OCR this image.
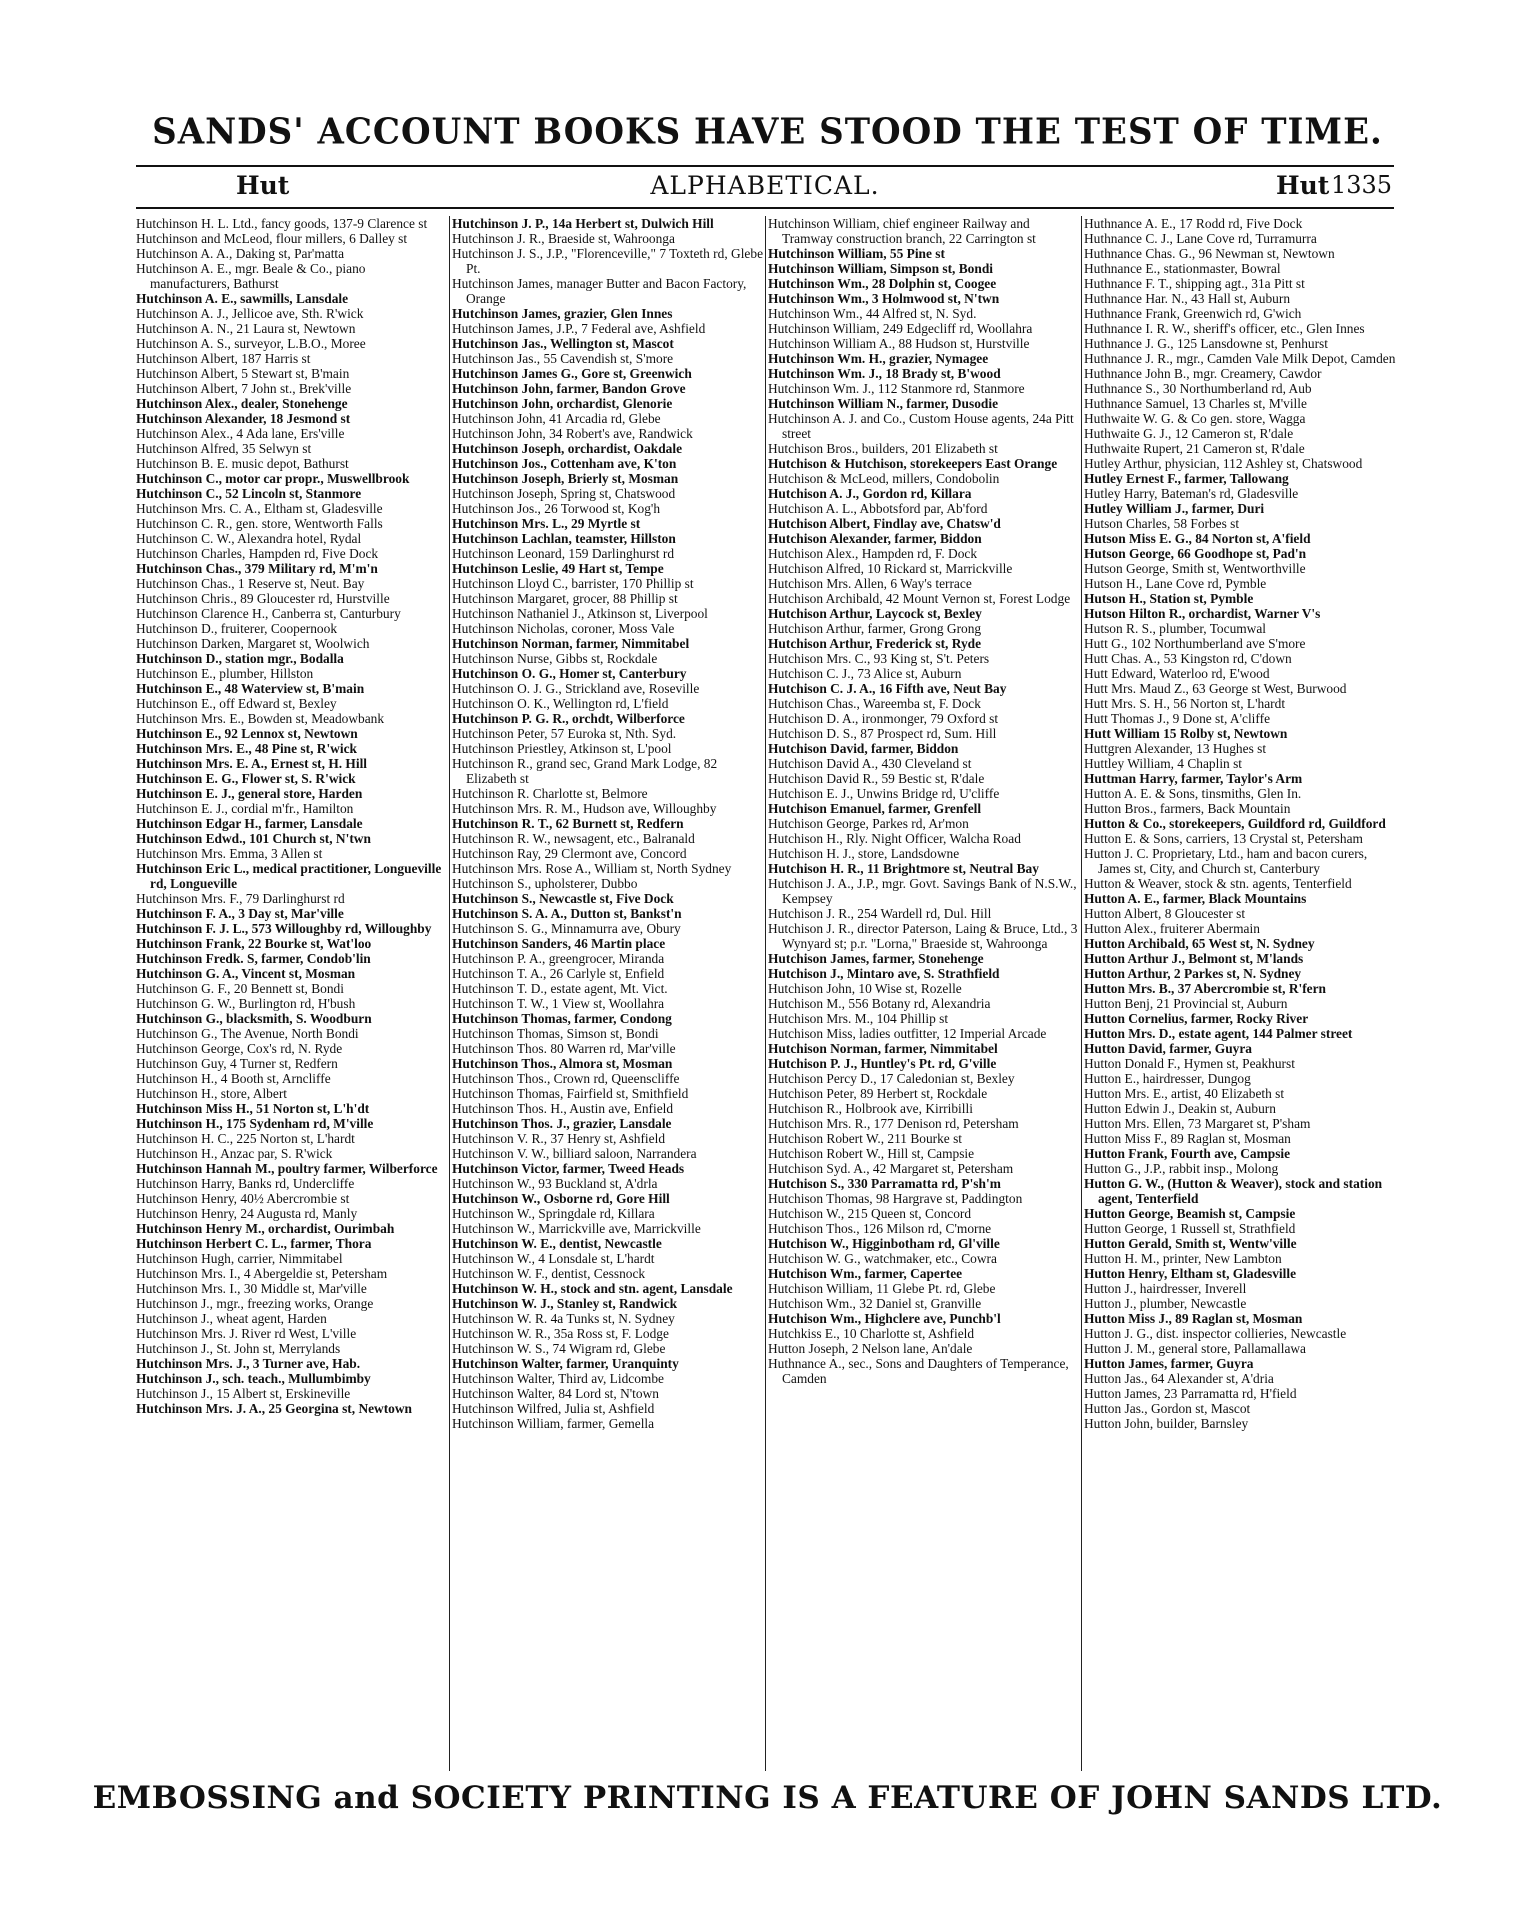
SANDS' ACCOUNT BOOKS HAVE STOOD THE TEST OF TIME.
Hut	ALPHABETICAL.	Hut 1335
Hutchinson H. L. Ltd., fancy goods, 137-9 Clarence st
Hutchinson and McLeod, flour millers, 6 Dalley st
Hutchinson A. A., Daking st, Par'matta
Hutchinson A. E., mgr. Beale & Co., piano manufacturers, Bathurst
Hutchinson A. E., sawmills, Lansdale
Hutchinson A. J., Jellicoe ave, Sth. R'wick
Hutchinson A. N., 21 Laura st, Newtown
Hutchinson A. S., surveyor, L.B.O., Moree
Hutchinson Albert, 187 Harris st
Hutchinson Albert, 5 Stewart st, B'main
Hutchinson Albert, 7 John st., Brek'ville
Hutchinson Alex., dealer, Stonehenge
Hutchinson Alexander, 18 Jesmond st
Hutchinson Alex., 4 Ada lane, Ers'ville
Hutchinson Alfred, 35 Selwyn st
Hutchinson B. E. music depot, Bathurst
Hutchinson C., motor car propr., Muswellbrook
Hutchinson C., 52 Lincoln st, Stanmore
Hutchinson Mrs. C. A., Eltham st, Gladesville
Hutchinson C. R., gen. store, Wentworth Falls
Hutchinson C. W., Alexandra hotel, Rydal
Hutchinson Charles, Hampden rd, Five Dock
Hutchinson Chas., 379 Military rd, M'm'n
Hutchinson Chas., 1 Reserve st, Neut. Bay
Hutchinson Chris., 89 Gloucester rd, Hurstville
Hutchinson Clarence H., Canberra st, Canturbury
Hutchinson D., fruiterer, Coopernook
Hutchinson Darken, Margaret st, Woolwich
Hutchinson D., station mgr., Bodalla
Hutchinson E., plumber, Hillston
Hutchinson E., 48 Waterview st, B'main
Hutchinson E., off Edward st, Bexley
Hutchinson Mrs. E., Bowden st, Meadowbank
Hutchinson E., 92 Lennox st, Newtown
Hutchinson Mrs. E., 48 Pine st, R'wick
Hutchinson Mrs. E. A., Ernest st, H. Hill
Hutchinson E. G., Flower st, S. R'wick
Hutchinson E. J., general store, Harden
Hutchinson E. J., cordial m'fr., Hamilton
Hutchinson Edgar H., farmer, Lansdale
Hutchinson Edwd., 101 Church st, N'twn
Hutchinson Mrs. Emma, 3 Allen st
Hutchinson Eric L., medical practitioner, Longueville rd, Longueville
Hutchinson Mrs. F., 79 Darlinghurst rd
Hutchinson F. A., 3 Day st, Mar'ville
Hutchinson F. J. L., 573 Willoughby rd, Willoughby
Hutchinson Frank, 22 Bourke st, Wat'loo
Hutchinson Fredk. S, farmer, Condob'lin
Hutchinson G. A., Vincent st, Mosman
Hutchinson G. F., 20 Bennett st, Bondi
Hutchinson G. W., Burlington rd, H'bush
Hutchinson G., blacksmith, S. Woodburn
Hutchinson G., The Avenue, North Bondi
Hutchinson George, Cox's rd, N. Ryde
Hutchinson Guy, 4 Turner st, Redfern
Hutchinson H., 4 Booth st, Arncliffe
Hutchinson H., store, Albert
Hutchinson Miss H., 51 Norton st, L'h'dt
Hutchinson H., 175 Sydenham rd, M'ville
Hutchinson H. C., 225 Norton st, L'hardt
Hutchinson H., Anzac par, S. R'wick
Hutchinson Hannah M., poultry farmer, Wilberforce
Hutchinson Harry, Banks rd, Undercliffe
Hutchinson Henry, 40½ Abercrombie st
Hutchinson Henry, 24 Augusta rd, Manly
Hutchinson Henry M., orchardist, Ourimbah
Hutchinson Herbert C. L., farmer, Thora
Hutchinson Hugh, carrier, Nimmitabel
Hutchinson Mrs. I., 4 Abergeldie st, Petersham
Hutchinson Mrs. I., 30 Middle st, Mar'ville
Hutchinson J., mgr., freezing works, Orange
Hutchinson J., wheat agent, Harden
Hutchinson Mrs. J. River rd West, L'ville
Hutchinson J., St. John st, Merrylands
Hutchinson Mrs. J., 3 Turner ave, Hab.
Hutchinson J., sch. teach., Mullumbimby
Hutchinson J., 15 Albert st, Erskineville
Hutchinson Mrs. J. A., 25 Georgina st, Newtown
Hutchinson J. P., 14a Herbert st, Dulwich Hill
Hutchinson J. R., Braeside st, Wahroonga
Hutchinson J. S., J.P., "Florenceville," 7 Toxteth rd, Glebe Pt.
Hutchinson James, manager Butter and Bacon Factory, Orange
Hutchinson James, grazier, Glen Innes
Hutchinson James, J.P., 7 Federal ave, Ashfield
Hutchinson Jas., Wellington st, Mascot
Hutchinson Jas., 55 Cavendish st, S'more
Hutchinson James G., Gore st, Greenwich
Hutchinson John, farmer, Bandon Grove
Hutchinson John, orchardist, Glenorie
Hutchinson John, 41 Arcadia rd, Glebe
Hutchinson John, 34 Robert's ave, Randwick
Hutchinson Joseph, orchardist, Oakdale
Hutchinson Jos., Cottenham ave, K'ton
Hutchinson Joseph, Brierly st, Mosman
Hutchinson Joseph, Spring st, Chatswood
Hutchinson Jos., 26 Torwood st, Kog'h
Hutchinson Mrs. L., 29 Myrtle st
Hutchinson Lachlan, teamster, Hillston
Hutchinson Leonard, 159 Darlinghurst rd
Hutchinson Leslie, 49 Hart st, Tempe
Hutchinson Lloyd C., barrister, 170 Phillip st
Hutchinson Margaret, grocer, 88 Phillip st
Hutchinson Nathaniel J., Atkinson st, Liverpool
Hutchinson Nicholas, coroner, Moss Vale
Hutchinson Norman, farmer, Nimmitabel
Hutchinson Nurse, Gibbs st, Rockdale
Hutchinson O. G., Homer st, Canterbury
Hutchinson O. J. G., Strickland ave, Roseville
Hutchinson O. K., Wellington rd, L'field
Hutchinson P. G. R., orchdt, Wilberforce
Hutchinson Peter, 57 Euroka st, Nth. Syd.
Hutchinson Priestley, Atkinson st, L'pool
Hutchinson R., grand sec, Grand Mark Lodge, 82 Elizabeth st
Hutchinson R. Charlotte st, Belmore
Hutchinson Mrs. R. M., Hudson ave, Willoughby
Hutchinson R. T., 62 Burnett st, Redfern
Hutchinson R. W., newsagent, etc., Balranald
Hutchinson Ray, 29 Clermont ave, Concord
Hutchinson Mrs. Rose A., William st, North Sydney
Hutchinson S., upholsterer, Dubbo
Hutchinson S., Newcastle st, Five Dock
Hutchinson S. A. A., Dutton st, Bankst'n
Hutchinson S. G., Minnamurra ave, Obury
Hutchinson Sanders, 46 Martin place
Hutchinson P. A., greengrocer, Miranda
Hutchinson T. A., 26 Carlyle st, Enfield
Hutchinson T. D., estate agent, Mt. Vict.
Hutchinson T. W., 1 View st, Woollahra
Hutchinson Thomas, farmer, Condong
Hutchinson Thomas, Simson st, Bondi
Hutchinson Thos. 80 Warren rd, Mar'ville
Hutchinson Thos., Almora st, Mosman
Hutchinson Thos., Crown rd, Queenscliffe
Hutchinson Thomas, Fairfield st, Smithfield
Hutchinson Thos. H., Austin ave, Enfield
Hutchinson Thos. J., grazier, Lansdale
Hutchinson V. R., 37 Henry st, Ashfield
Hutchinson V. W., billiard saloon, Narrandera
Hutchinson Victor, farmer, Tweed Heads
Hutchinson W., 93 Buckland st, A'drla
Hutchinson W., Osborne rd, Gore Hill
Hutchinson W., Springdale rd, Killara
Hutchinson W., Marrickville ave, Marrickville
Hutchinson W. E., dentist, Newcastle
Hutchinson W., 4 Lonsdale st, L'hardt
Hutchinson W. F., dentist, Cessnock
Hutchinson W. H., stock and stn. agent, Lansdale
Hutchinson W. J., Stanley st, Randwick
Hutchinson W. R. 4a Tunks st, N. Sydney
Hutchinson W. R., 35a Ross st, F. Lodge
Hutchinson W. S., 74 Wigram rd, Glebe
Hutchinson Walter, farmer, Uranquinty
Hutchinson Walter, Third av, Lidcombe
Hutchinson Walter, 84 Lord st, N'town
Hutchinson Wilfred, Julia st, Ashfield
Hutchinson William, farmer, Gemella
Hutchinson William, chief engineer Railway and Tramway construction branch, 22 Carrington st
Hutchinson William, 55 Pine st
Hutchinson William, Simpson st, Bondi
Hutchinson Wm., 28 Dolphin st, Coogee
Hutchinson Wm., 3 Holmwood st, N'twn
Hutchinson Wm., 44 Alfred st, N. Syd.
Hutchinson William, 249 Edgecliff rd, Woollahra
Hutchinson William A., 88 Hudson st, Hurstville
Hutchinson Wm. H., grazier, Nymagee
Hutchinson Wm. J., 18 Brady st, B'wood
Hutchinson Wm. J., 112 Stanmore rd, Stanmore
Hutchinson William N., farmer, Dusodie
Hutchinson A. J. and Co., Custom House agents, 24a Pitt street
Hutchison Bros., builders, 201 Elizabeth st
Hutchison & Hutchison, storekeepers East Orange
Hutchison & McLeod, millers, Condobolin
Hutchison A. J., Gordon rd, Killara
Hutchison A. L., Abbotsford par, Ab'ford
Hutchison Albert, Findlay ave, Chatsw'd
Hutchison Alexander, farmer, Biddon
Hutchison Alex., Hampden rd, F. Dock
Hutchison Alfred, 10 Rickard st, Marrickville
Hutchison Mrs. Allen, 6 Way's terrace
Hutchison Archibald, 42 Mount Vernon st, Forest Lodge
Hutchison Arthur, Laycock st, Bexley
Hutchison Arthur, farmer, Grong Grong
Hutchison Arthur, Frederick st, Ryde
Hutchison Mrs. C., 93 King st, S't. Peters
Hutchison C. J., 73 Alice st, Auburn
Hutchison C. J. A., 16 Fifth ave, Neut Bay
Hutchison Chas., Wareemba st, F. Dock
Hutchison D. A., ironmonger, 79 Oxford st
Hutchison D. S., 87 Prospect rd, Sum. Hill
Hutchison David, farmer, Biddon
Hutchison David A., 430 Cleveland st
Hutchison David R., 59 Bestic st, R'dale
Hutchison E. J., Unwins Bridge rd, U'cliffe
Hutchison Emanuel, farmer, Grenfell
Hutchison George, Parkes rd, Ar'mon
Hutchison H., Rly. Night Officer, Walcha Road
Hutchison H. J., store, Landsdowne
Hutchison H. R., 11 Brightmore st, Neutral Bay
Hutchison J. A., J.P., mgr. Govt. Savings Bank of N.S.W., Kempsey
Hutchison J. R., 254 Wardell rd, Dul. Hill
Hutchison J. R., director Paterson, Laing & Bruce, Ltd., 3 Wynyard st; p.r. "Lorna," Braeside st, Wahroonga
Hutchison James, farmer, Stonehenge
Hutchison J., Mintaro ave, S. Strathfield
Hutchison John, 10 Wise st, Rozelle
Hutchison M., 556 Botany rd, Alexandria
Hutchison Mrs. M., 104 Phillip st
Hutchison Miss, ladies outfitter, 12 Imperial Arcade
Hutchison Norman, farmer, Nimmitabel
Hutchison P. J., Huntley's Pt. rd, G'ville
Hutchison Percy D., 17 Caledonian st, Bexley
Hutchison Peter, 89 Herbert st, Rockdale
Hutchison R., Holbrook ave, Kirribilli
Hutchison Mrs. R., 177 Denison rd, Petersham
Hutchison Robert W., 211 Bourke st
Hutchison Robert W., Hill st, Campsie
Hutchison Syd. A., 42 Margaret st, Petersham
Hutchison S., 330 Parramatta rd, P'sh'm
Hutchison Thomas, 98 Hargrave st, Paddington
Hutchison W., 215 Queen st, Concord
Hutchison Thos., 126 Milson rd, C'morne
Hutchison W., Higginbotham rd, Gl'ville
Hutchison W. G., watchmaker, etc., Cowra
Hutchison Wm., farmer, Capertee
Hutchison William, 11 Glebe Pt. rd, Glebe
Hutchison Wm., 32 Daniel st, Granville
Hutchison Wm., Highclere ave, Punchb'l
Hutchkiss E., 10 Charlotte st, Ashfield
Hutton Joseph, 2 Nelson lane, An'dale
Huthnance A., sec., Sons and Daughters of Temperance, Camden
Huthnance A. E., 17 Rodd rd, Five Dock
Huthnance C. J., Lane Cove rd, Turramurra
Huthnance Chas. G., 96 Newman st, Newtown
Huthnance E., stationmaster, Bowral
Huthnance F. T., shipping agt., 31a Pitt st
Huthnance Har. N., 43 Hall st, Auburn
Huthnance Frank, Greenwich rd, G'wich
Huthnance I. R. W., sheriff's officer, etc., Glen Innes
Huthnance J. G., 125 Lansdowne st, Penhurst
Huthnance J. R., mgr., Camden Vale Milk Depot, Camden
Huthnance John B., mgr. Creamery, Cawdor
Huthnance S., 30 Northumberland rd, Aub
Huthnance Samuel, 13 Charles st, M'ville
Huthwaite W. G. & Co gen. store, Wagga
Huthwaite G. J., 12 Cameron st, R'dale
Huthwaite Rupert, 21 Cameron st, R'dale
Hutley Arthur, physician, 112 Ashley st, Chatswood
Hutley Ernest F., farmer, Tallowang
Hutley Harry, Bateman's rd, Gladesville
Hutley William J., farmer, Duri
Hutson Charles, 58 Forbes st
Hutson Miss E. G., 84 Norton st, A'field
Hutson George, 66 Goodhope st, Pad'n
Hutson George, Smith st, Wentworthville
Hutson H., Lane Cove rd, Pymble
Hutson H., Station st, Pymble
Hutson Hilton R., orchardist, Warner V's
Hutson R. S., plumber, Tocumwal
Hutt G., 102 Northumberland ave S'more
Hutt Chas. A., 53 Kingston rd, C'down
Hutt Edward, Waterloo rd, E'wood
Hutt Mrs. Maud Z., 63 George st West, Burwood
Hutt Mrs. S. H., 56 Norton st, L'hardt
Hutt Thomas J., 9 Done st, A'cliffe
Hutt William 15 Rolby st, Newtown
Huttgren Alexander, 13 Hughes st
Huttley William, 4 Chaplin st
Huttman Harry, farmer, Taylor's Arm
Hutton A. E. & Sons, tinsmiths, Glen In.
Hutton Bros., farmers, Back Mountain
Hutton & Co., storekeepers, Guildford rd, Guildford
Hutton E. & Sons, carriers, 13 Crystal st, Petersham
Hutton J. C. Proprietary, Ltd., ham and bacon curers, James st, City, and Church st, Canterbury
Hutton & Weaver, stock & stn. agents, Tenterfield
Hutton A. E., farmer, Black Mountains
Hutton Albert, 8 Gloucester st
Hutton Alex., fruiterer Abermain
Hutton Archibald, 65 West st, N. Sydney
Hutton Arthur J., Belmont st, M'lands
Hutton Arthur, 2 Parkes st, N. Sydney
Hutton Mrs. B., 37 Abercrombie st, R'fern
Hutton Benj, 21 Provincial st, Auburn
Hutton Cornelius, farmer, Rocky River
Hutton Mrs. D., estate agent, 144 Palmer street
Hutton David, farmer, Guyra
Hutton Donald F., Hymen st, Peakhurst
Hutton E., hairdresser, Dungog
Hutton Mrs. E., artist, 40 Elizabeth st
Hutton Edwin J., Deakin st, Auburn
Hutton Mrs. Ellen, 73 Margaret st, P'sham
Hutton Miss F., 89 Raglan st, Mosman
Hutton Frank, Fourth ave, Campsie
Hutton G., J.P., rabbit insp., Molong
Hutton G. W., (Hutton & Weaver), stock and station agent, Tenterfield
Hutton George, Beamish st, Campsie
Hutton George, 1 Russell st, Strathfield
Hutton Gerald, Smith st, Wentw'ville
Hutton H. M., printer, New Lambton
Hutton Henry, Eltham st, Gladesville
Hutton J., hairdresser, Inverell
Hutton J., plumber, Newcastle
Hutton Miss J., 89 Raglan st, Mosman
Hutton J. G., dist. inspector collieries, Newcastle
Hutton J. M., general store, Pallamallawa
Hutton James, farmer, Guyra
Hutton Jas., 64 Alexander st, A'dria
Hutton James, 23 Parramatta rd, H'field
Hutton Jas., Gordon st, Mascot
Hutton John, builder, Barnsley
EMBOSSING and SOCIETY PRINTING IS A FEATURE OF JOHN SANDS LTD.
